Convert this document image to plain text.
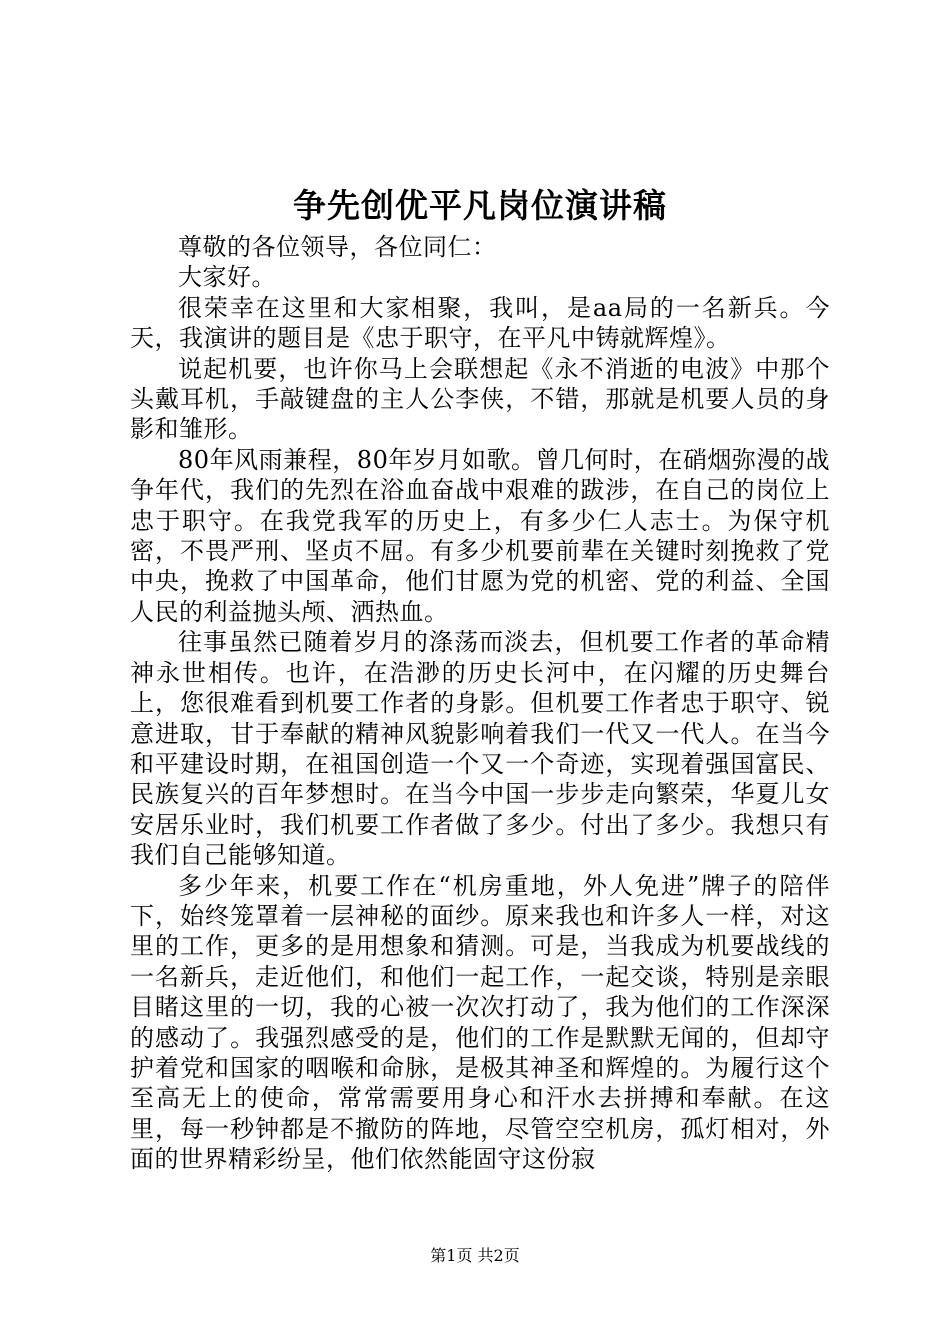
争先创优平凡岗位演讲稿

尊敬的各位领导，各位同仁：

大家好。

很荣幸在这里和大家相聚，我叫，是aa局的一名新兵。今天，我演讲的题目是《忠于职守，在平凡中铸就辉煌》。

说起机要，也许你马上会联想起《永不消逝的电波》中那个头戴耳机，手敲键盘的主人公李侠，不错，那就是机要人员的身影和雏形。

80年风雨兼程，80年岁月如歌。曾几何时，在硝烟弥漫的战争年代，我们的先烈在浴血奋战中艰难的跋涉，在自己的岗位上忠于职守。在我党我军的历史上，有多少仁人志士。为保守机密，不畏严刑、坚贞不屈。有多少机要前辈在关键时刻挽救了党中央，挽救了中国革命，他们甘愿为党的机密、党的利益、全国人民的利益抛头颅、洒热血。

往事虽然已随着岁月的涤荡而淡去，但机要工作者的革命精神永世相传。也许，在浩渺的历史长河中，在闪耀的历史舞台上，您很难看到机要工作者的身影。但机要工作者忠于职守、锐意进取，甘于奉献的精神风貌影响着我们一代又一代人。在当今和平建设时期，在祖国创造一个又一个奇迹，实现着强国富民、民族复兴的百年梦想时。在当今中国一步步走向繁荣，华夏儿女安居乐业时，我们机要工作者做了多少。付出了多少。我想只有我们自己能够知道。

多少年来，机要工作在“机房重地，外人免进”牌子的陪伴下，始终笼罩着一层神秘的面纱。原来我也和许多人一样，对这里的工作，更多的是用想象和猜测。可是，当我成为机要战线的一名新兵，走近他们，和他们一起工作，一起交谈，特别是亲眼目睹这里的一切，我的心被一次次打动了，我为他们的工作深深的感动了。我强烈感受的是，他们的工作是默默无闻的，但却守护着党和国家的咽喉和命脉，是极其神圣和辉煌的。为履行这个至高无上的使命，常常需要用身心和汗水去拼搏和奉献。在这里，每一秒钟都是不撤防的阵地，尽管空空机房，孤灯相对，外面的世界精彩纷呈，他们依然能固守这份寂

第1页 共2页
